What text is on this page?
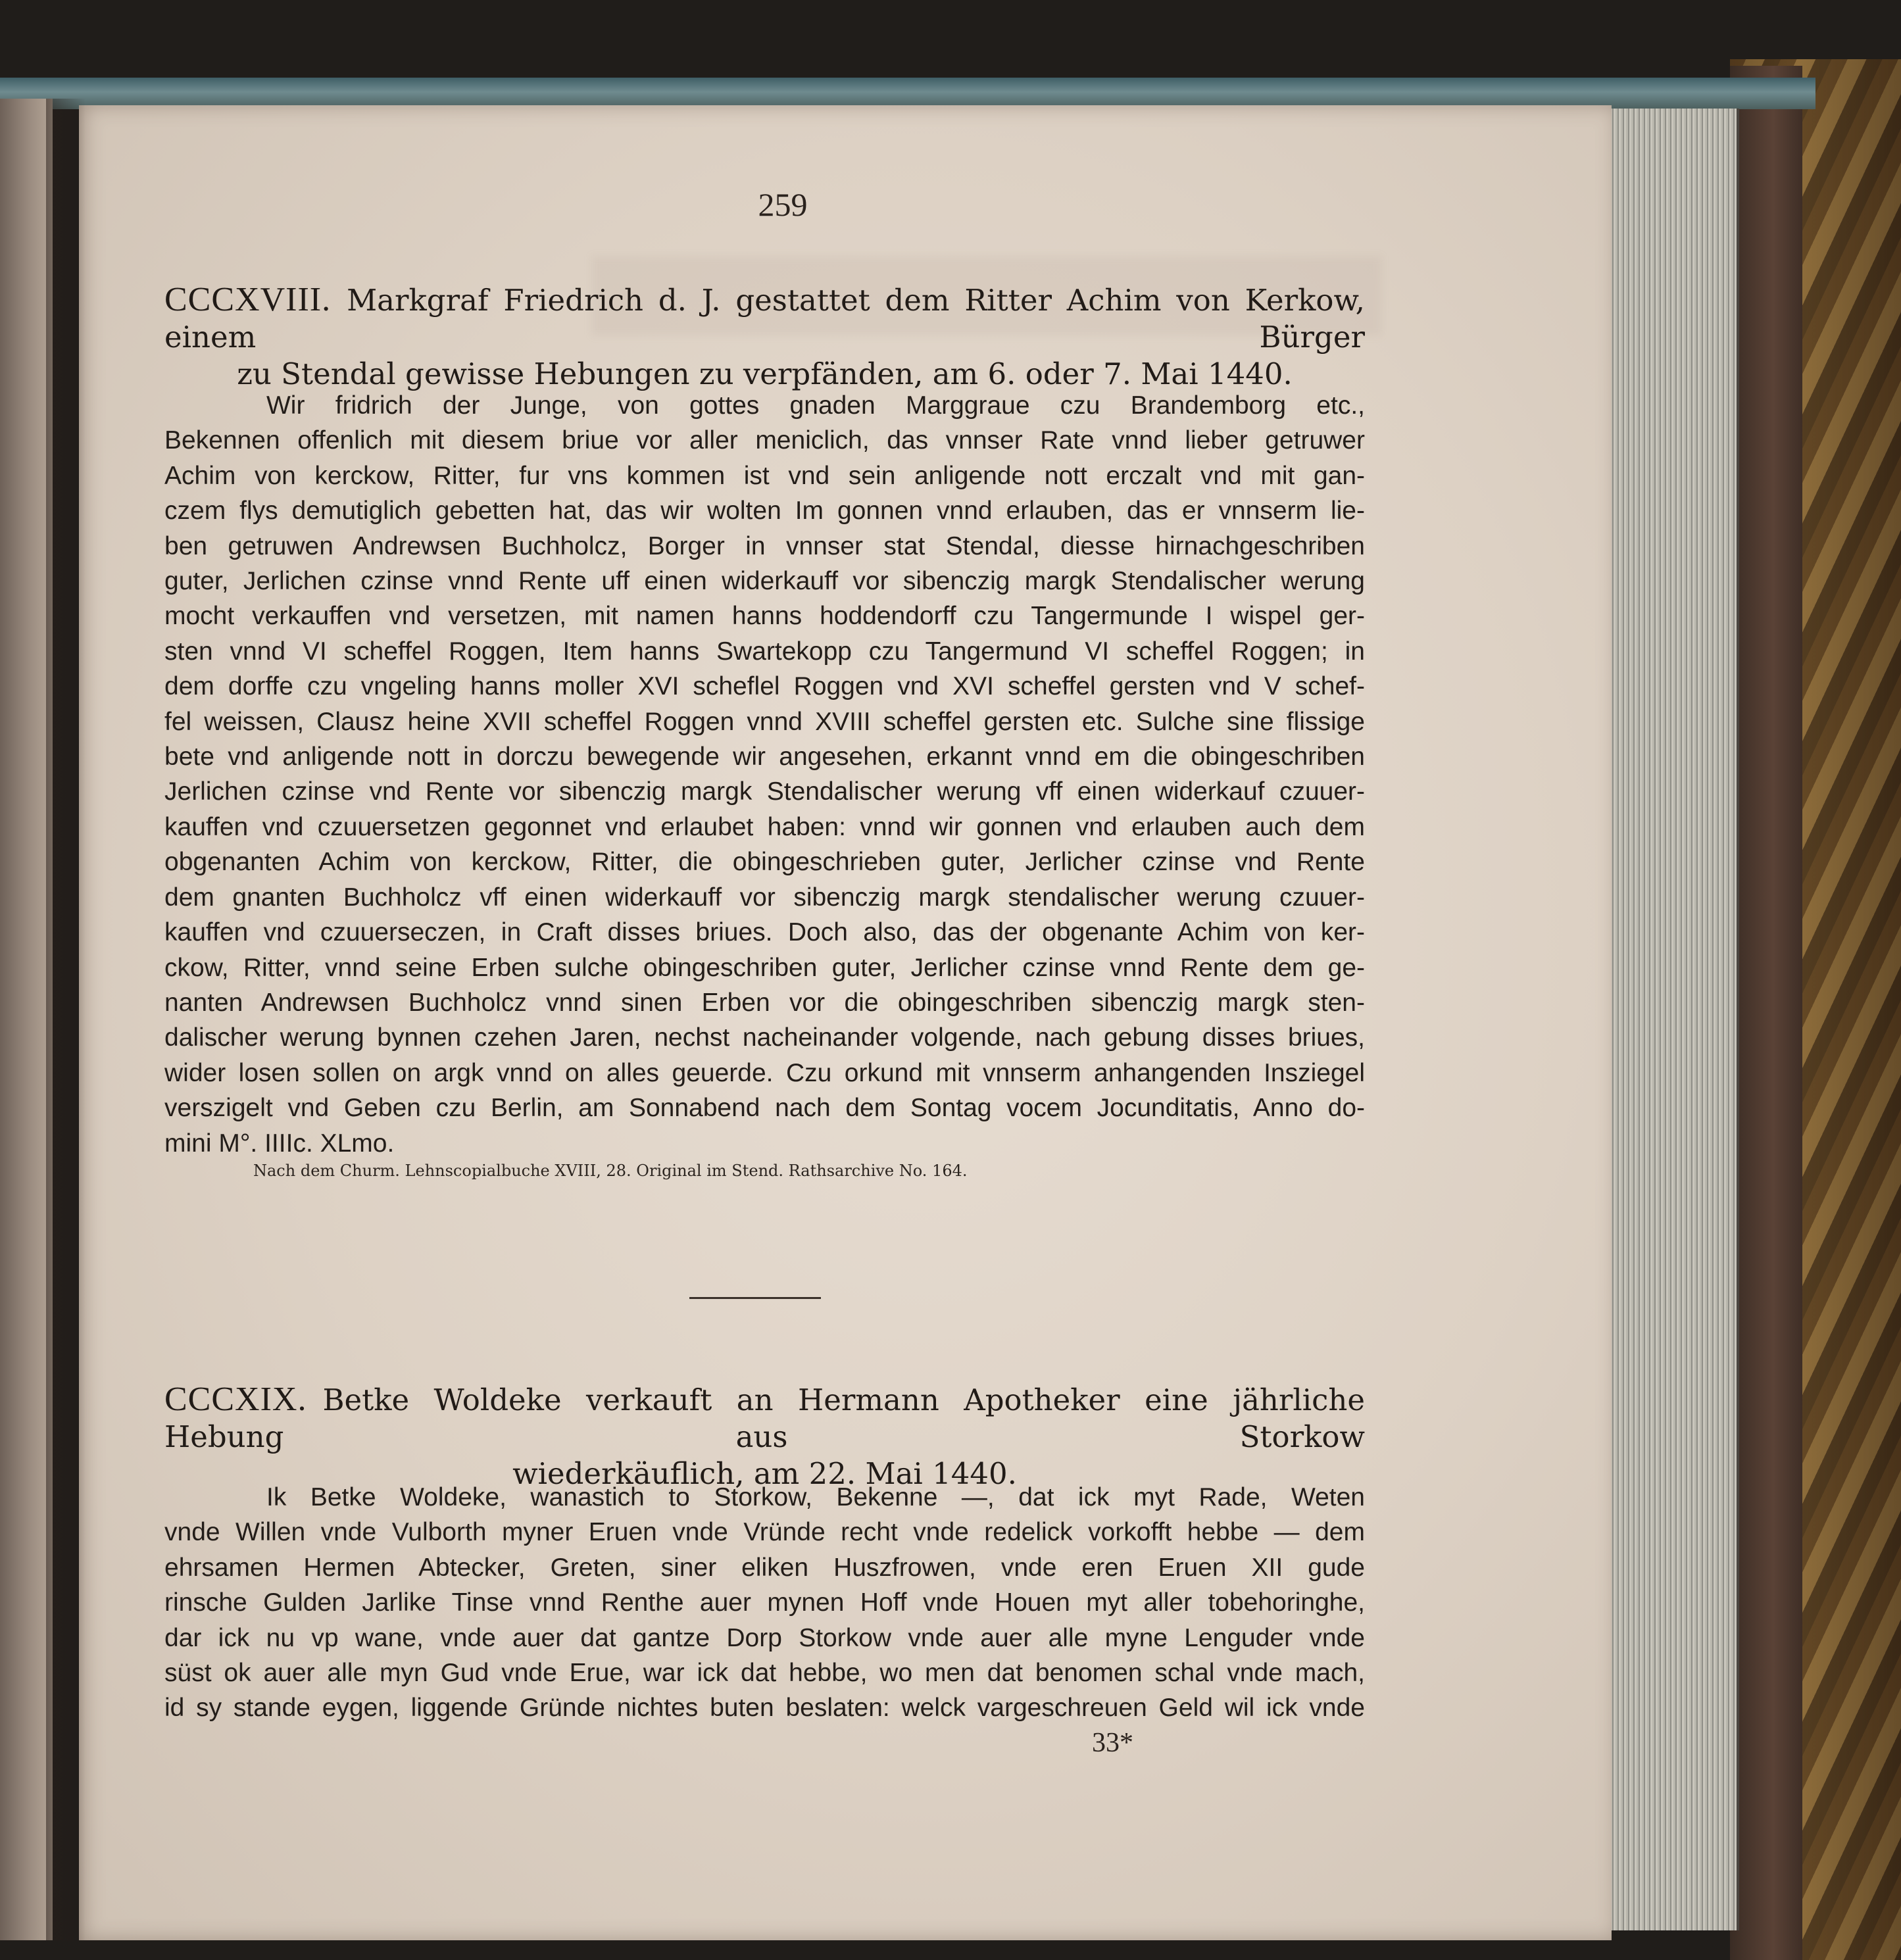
259
CCCXVIII. Markgraf Friedrich d. J. gestattet dem Ritter Achim von Kerkow, einem Bürger
zu Stendal gewisse Hebungen zu verpfänden, am 6. oder 7. Mai 1440.
Wir fridrich der Junge, von gottes gnaden Marggraue czu Brandemborg etc.,
Bekennen offenlich mit diesem briue vor aller meniclich, das vnnser Rate vnnd lieber getruwer
Achim von kerckow, Ritter, fur vns kommen ist vnd sein anligende nott erczalt vnd mit gan-
czem flys demutiglich gebetten hat, das wir wolten Im gonnen vnnd erlauben, das er vnnserm lie-
ben getruwen Andrewsen Buchholcz, Borger in vnnser stat Stendal, diesse hirnachgeschriben
guter, Jerlichen czinse vnnd Rente uff einen widerkauff vor sibenczig margk Stendalischer werung
mocht verkauffen vnd versetzen, mit namen hanns hoddendorff czu Tangermunde I wispel ger-
sten vnnd VI scheffel Roggen, Item hanns Swartekopp czu Tangermund VI scheffel Roggen; in
dem dorffe czu vngeling hanns moller XVI scheflel Roggen vnd XVI scheffel gersten vnd V schef-
fel weissen, Clausz heine XVII scheffel Roggen vnnd XVIII scheffel gersten etc. Sulche sine flissige
bete vnd anligende nott in dorczu bewegende wir angesehen, erkannt vnnd em die obingeschriben
Jerlichen czinse vnd Rente vor sibenczig margk Stendalischer werung vff einen widerkauf czuuer-
kauffen vnd czuuersetzen gegonnet vnd erlaubet haben: vnnd wir gonnen vnd erlauben auch dem
obgenanten Achim von kerckow, Ritter, die obingeschrieben guter, Jerlicher czinse vnd Rente
dem gnanten Buchholcz vff einen widerkauff vor sibenczig margk stendalischer werung czuuer-
kauffen vnd czuuerseczen, in Craft disses briues. Doch also, das der obgenante Achim von ker-
ckow, Ritter, vnnd seine Erben sulche obingeschriben guter, Jerlicher czinse vnnd Rente dem ge-
nanten Andrewsen Buchholcz vnnd sinen Erben vor die obingeschriben sibenczig margk sten-
dalischer werung bynnen czehen Jaren, nechst nacheinander volgende, nach gebung disses briues,
wider losen sollen on argk vnnd on alles geuerde. Czu orkund mit vnnserm anhangenden Insziegel
verszigelt vnd Geben czu Berlin, am Sonnabend nach dem Sontag vocem Jocunditatis, Anno do-
mini M°. IIIIc. XLmo.
Nach dem Churm. Lehnscopialbuche XVIII, 28. Original im Stend. Rathsarchive No. 164.
CCCXIX. Betke Woldeke verkauft an Hermann Apotheker eine jährliche Hebung aus Storkow
wiederkäuflich, am 22. Mai 1440.
Ik Betke Woldeke, wanastich to Storkow, Bekenne —, dat ick myt Rade, Weten
vnde Willen vnde Vulborth myner Eruen vnde Vründe recht vnde redelick vorkofft hebbe — dem
ehrsamen Hermen Abtecker, Greten, siner eliken Huszfrowen, vnde eren Eruen XII gude
rinsche Gulden Jarlike Tinse vnnd Renthe auer mynen Hoff vnde Houen myt aller tobehoringhe,
dar ick nu vp wane, vnde auer dat gantze Dorp Storkow vnde auer alle myne Lenguder vnde
süst ok auer alle myn Gud vnde Erue, war ick dat hebbe, wo men dat benomen schal vnde mach,
id sy stande eygen, liggende Gründe nichtes buten beslaten: welck vargeschreuen Geld wil ick vnde
33*
